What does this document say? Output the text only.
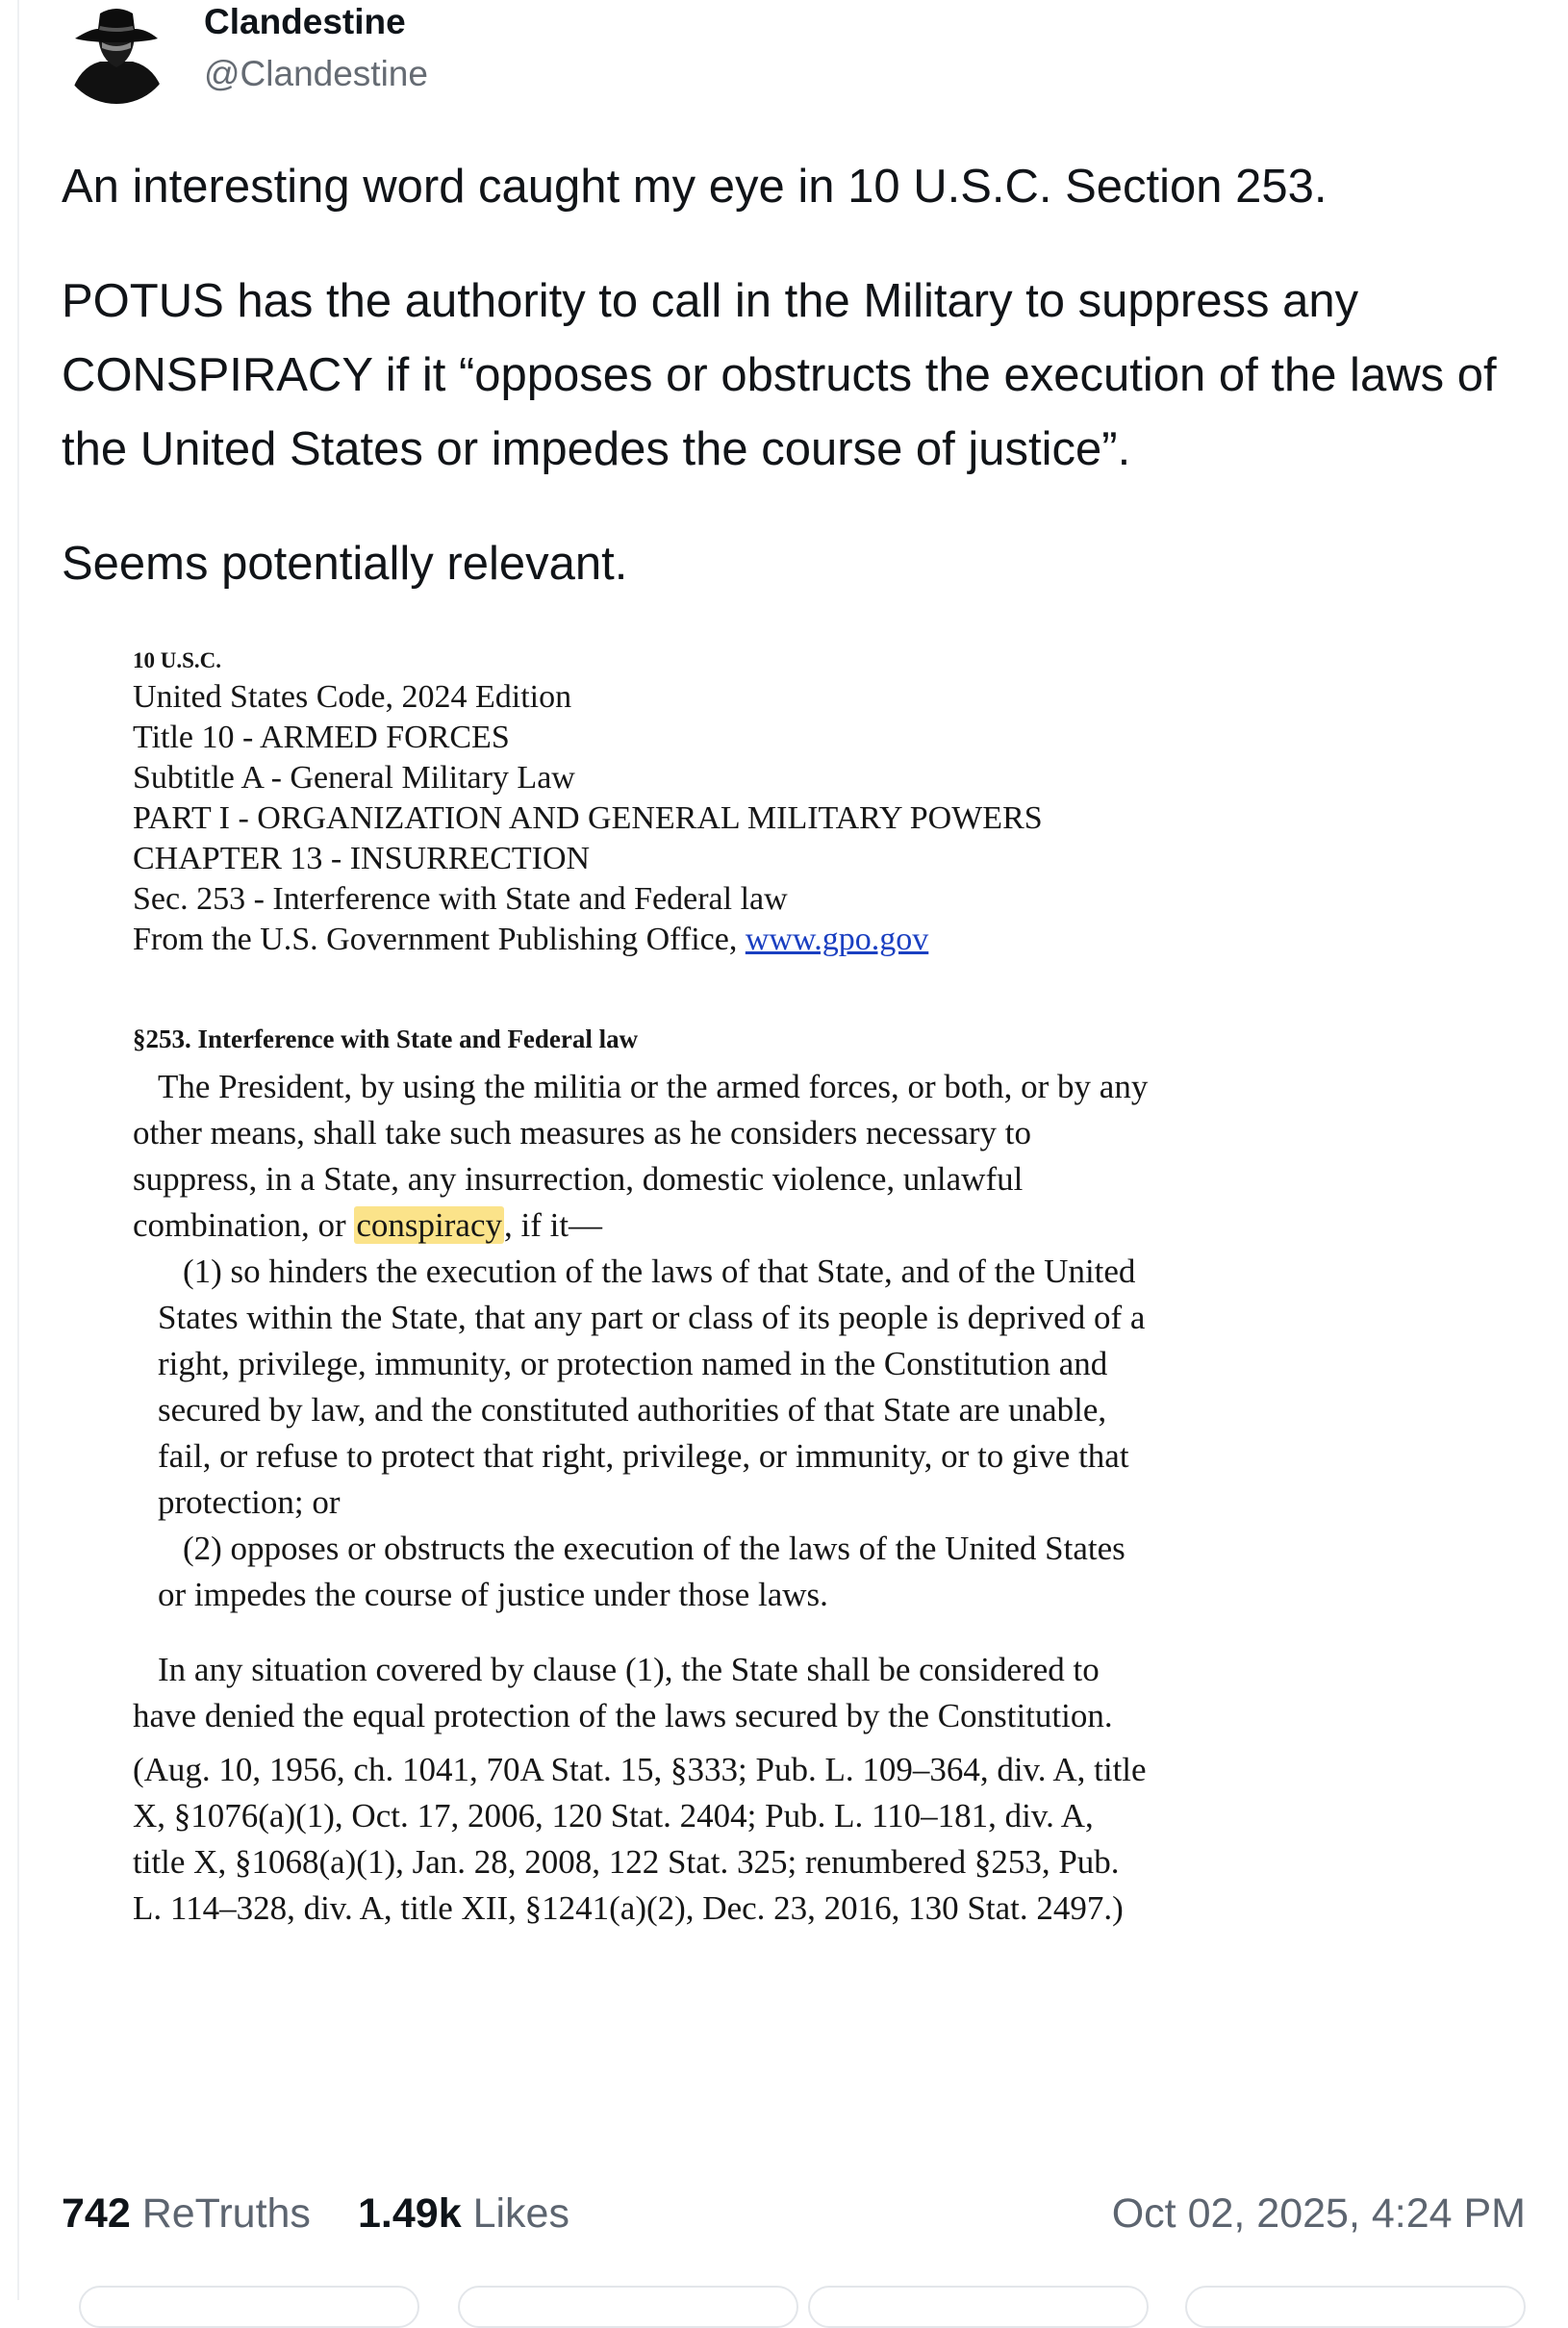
Clandestine
@Clandestine

An interesting word caught my eye in 10 U.S.C. Section 253.

POTUS has the authority to call in the Military to suppress any CONSPIRACY if it “opposes or obstructs the execution of the laws of the United States or impedes the course of justice”.

Seems potentially relevant.

10 U.S.C.
United States Code, 2024 Edition
Title 10 - ARMED FORCES
Subtitle A - General Military Law
PART I - ORGANIZATION AND GENERAL MILITARY POWERS
CHAPTER 13 - INSURRECTION
Sec. 253 - Interference with State and Federal law
From the U.S. Government Publishing Office, www.gpo.gov
§253. Interference with State and Federal law

The President, by using the militia or the armed forces, or both, or by any other means, shall take such measures as he considers necessary to suppress, in a State, any insurrection, domestic violence, unlawful combination, or conspiracy, if it—

(1) so hinders the execution of the laws of that State, and of the United States within the State, that any part or class of its people is deprived of a right, privilege, immunity, or protection named in the Constitution and secured by law, and the constituted authorities of that State are unable, fail, or refuse to protect that right, privilege, or immunity, or to give that protection; or

(2) opposes or obstructs the execution of the laws of the United States or impedes the course of justice under those laws.

In any situation covered by clause (1), the State shall be considered to have denied the equal protection of the laws secured by the Constitution.

(Aug. 10, 1956, ch. 1041, 70A Stat. 15, §333; Pub. L. 109–364, div. A, title X, §1076(a)(1), Oct. 17, 2006, 120 Stat. 2404; Pub. L. 110–181, div. A, title X, §1068(a)(1), Jan. 28, 2008, 122 Stat. 325; renumbered §253, Pub. L. 114–328, div. A, title XII, §1241(a)(2), Dec. 23, 2016, 130 Stat. 2497.)

742 ReTruths 1.49k Likes	Oct 02, 2025, 4:24 PM
